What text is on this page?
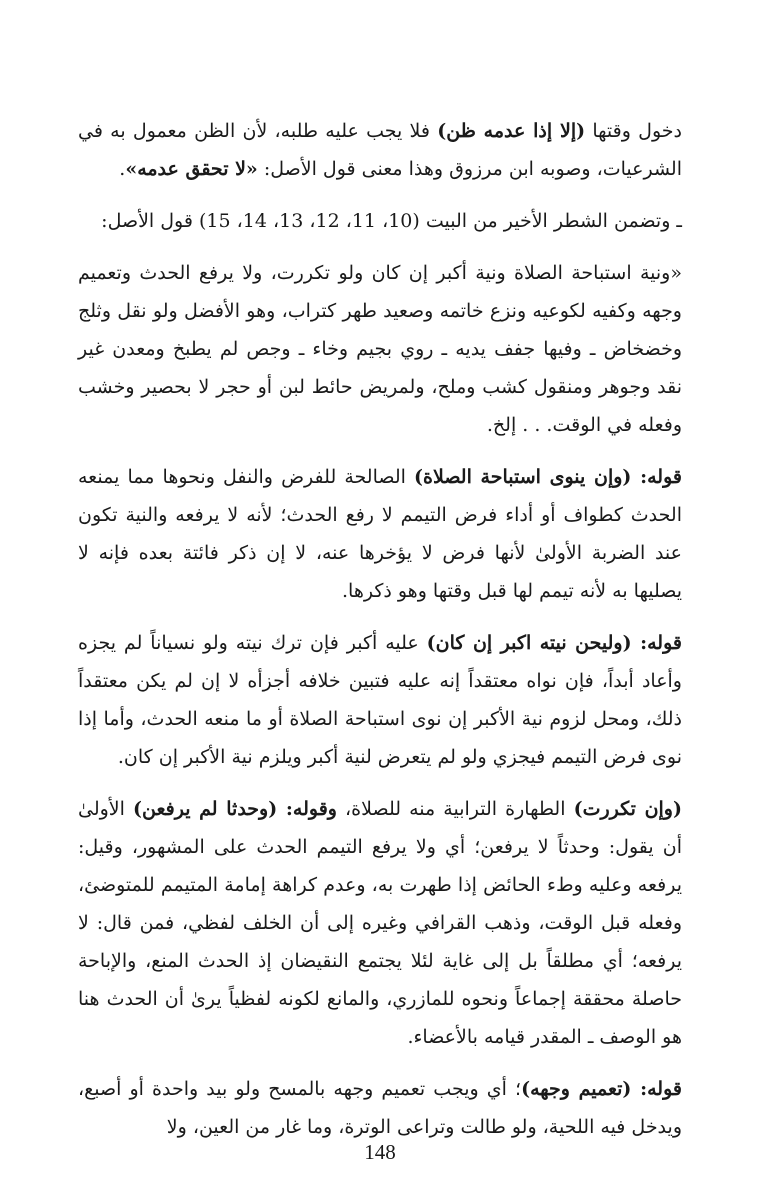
دخول وقتها (إلا إذا عدمه ظن) فلا يجب عليه طلبه، لأن الظن معمول به في الشرعيات، وصوبه ابن مرزوق وهذا معنى قول الأصل: «لا تحقق عدمه».

ـ وتضمن الشطر الأخير من البيت (10، 11، 12، 13، 14، 15) قول الأصل:

«ونية استباحة الصلاة ونية أكبر إن كان ولو تكررت، ولا يرفع الحدث وتعميم وجهه وكفيه لكوعيه ونزع خاتمه وصعيد طهر كتراب، وهو الأفضل ولو نقل وثلج وخضخاض ـ وفيها جفف يديه ـ روي بجيم وخاء ـ وجص لم يطبخ ومعدن غير نقد وجوهر ومنقول كشب وملح، ولمريض حائط لبن أو حجر لا بحصير وخشب وفعله في الوقت. . . إلخ.

قوله: (وإن ينوى استباحة الصلاة) الصالحة للفرض والنفل ونحوها مما يمنعه الحدث كطواف أو أداء فرض التيمم لا رفع الحدث؛ لأنه لا يرفعه والنية تكون عند الضربة الأولىٰ لأنها فرض لا يؤخرها عنه، لا إن ذكر فائتة بعده فإنه لا يصليها به لأنه تيمم لها قبل وقتها وهو ذكرها.

قوله: (وليحن نيته اكبر إن كان) عليه أكبر فإن ترك نيته ولو نسياناً لم يجزه وأعاد أبداً، فإن نواه معتقداً إنه عليه فتبين خلافه أجزأه لا إن لم يكن معتقداً ذلك، ومحل لزوم نية الأكبر إن نوى استباحة الصلاة أو ما منعه الحدث، وأما إذا نوى فرض التيمم فيجزي ولو لم يتعرض لنية أكبر ويلزم نية الأكبر إن كان.

(وإن تكررت) الطهارة الترابية منه للصلاة، وقوله: (وحدثا لم يرفعن) الأولىٰ أن يقول: وحدثاً لا يرفعن؛ أي ولا يرفع التيمم الحدث على المشهور، وقيل: يرفعه وعليه وطء الحائض إذا طهرت به، وعدم كراهة إمامة المتيمم للمتوضئ، وفعله قبل الوقت، وذهب القرافي وغيره إلى أن الخلف لفظي، فمن قال: لا يرفعه؛ أي مطلقاً بل إلى غاية لئلا يجتمع النقيضان إذ الحدث المنع، والإباحة حاصلة محققة إجماعاً ونحوه للمازري، والمانع لكونه لفظياً يرىٰ أن الحدث هنا هو الوصف ـ المقدر قيامه بالأعضاء.

قوله: (تعميم وجهه)؛ أي ويجب تعميم وجهه بالمسح ولو بيد واحدة أو أصبع، ويدخل فيه اللحية، ولو طالت وتراعى الوترة، وما غار من العين، ولا

148
